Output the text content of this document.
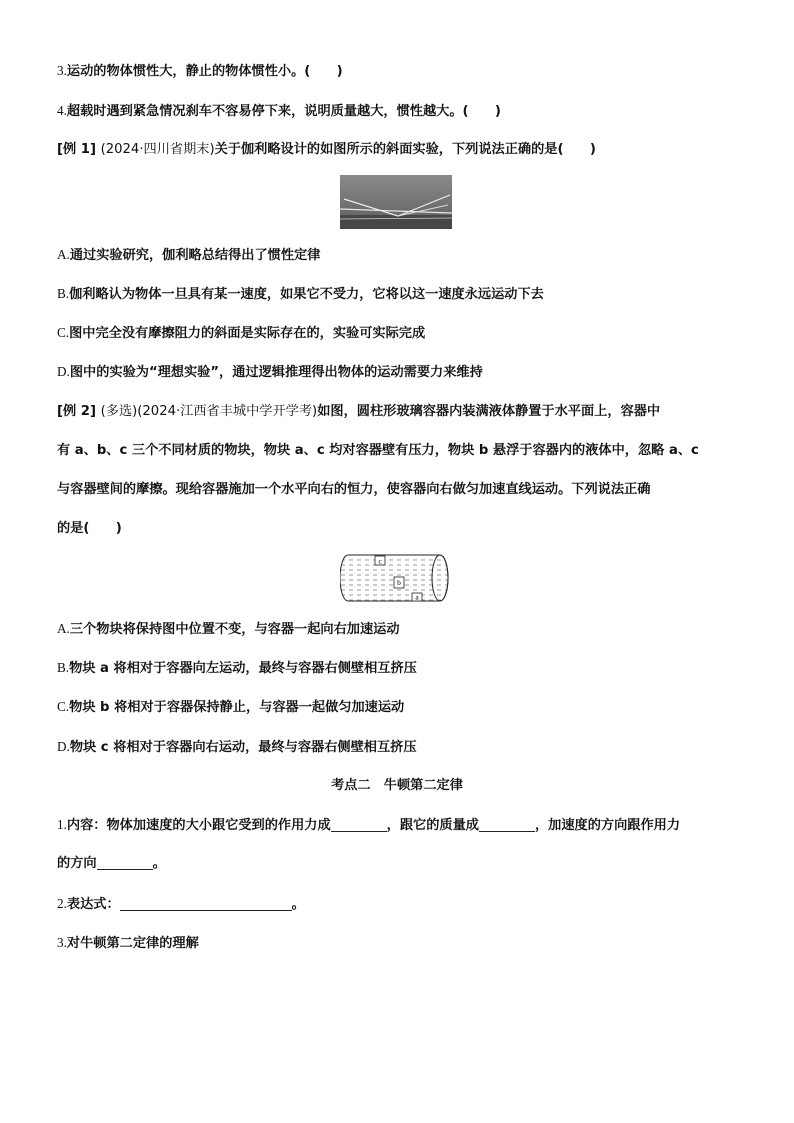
3.运动的物体惯性大，静止的物体惯性小。(　　)
4.超载时遇到紧急情况刹车不容易停下来，说明质量越大，惯性越大。(　　)
[例 1] (2024·四川省期末)关于伽利略设计的如图所示的斜面实验，下列说法正确的是(　　)
A.通过实验研究，伽利略总结得出了惯性定律
B.伽利略认为物体一旦具有某一速度，如果它不受力，它将以这一速度永远运动下去
C.图中完全没有摩擦阻力的斜面是实际存在的，实验可实际完成
D.图中的实验为“理想实验”，通过逻辑推理得出物体的运动需要力来维持
[例 2] (多选)(2024·江西省丰城中学开学考)如图，圆柱形玻璃容器内装满液体静置于水平面上，容器中
有 a、b、c 三个不同材质的物块，物块 a、c 均对容器壁有压力，物块 b 悬浮于容器内的液体中，忽略 a、c
与容器壁间的摩擦。现给容器施加一个水平向右的恒力，使容器向右做匀加速直线运动。下列说法正确
的是(　　)
c
b
a
A.三个物块将保持图中位置不变，与容器一起向右加速运动
B.物块 a 将相对于容器向左运动，最终与容器右侧壁相互挤压
C.物块 b 将相对于容器保持静止，与容器一起做匀加速运动
D.物块 c 将相对于容器向右运动，最终与容器右侧壁相互挤压
考点二　牛顿第二定律
1.内容：物体加速度的大小跟它受到的作用力成	，跟它的质量成	，加速度的方向跟作用力
的方向	。
2.表达式：	。
3.对牛顿第二定律的理解
